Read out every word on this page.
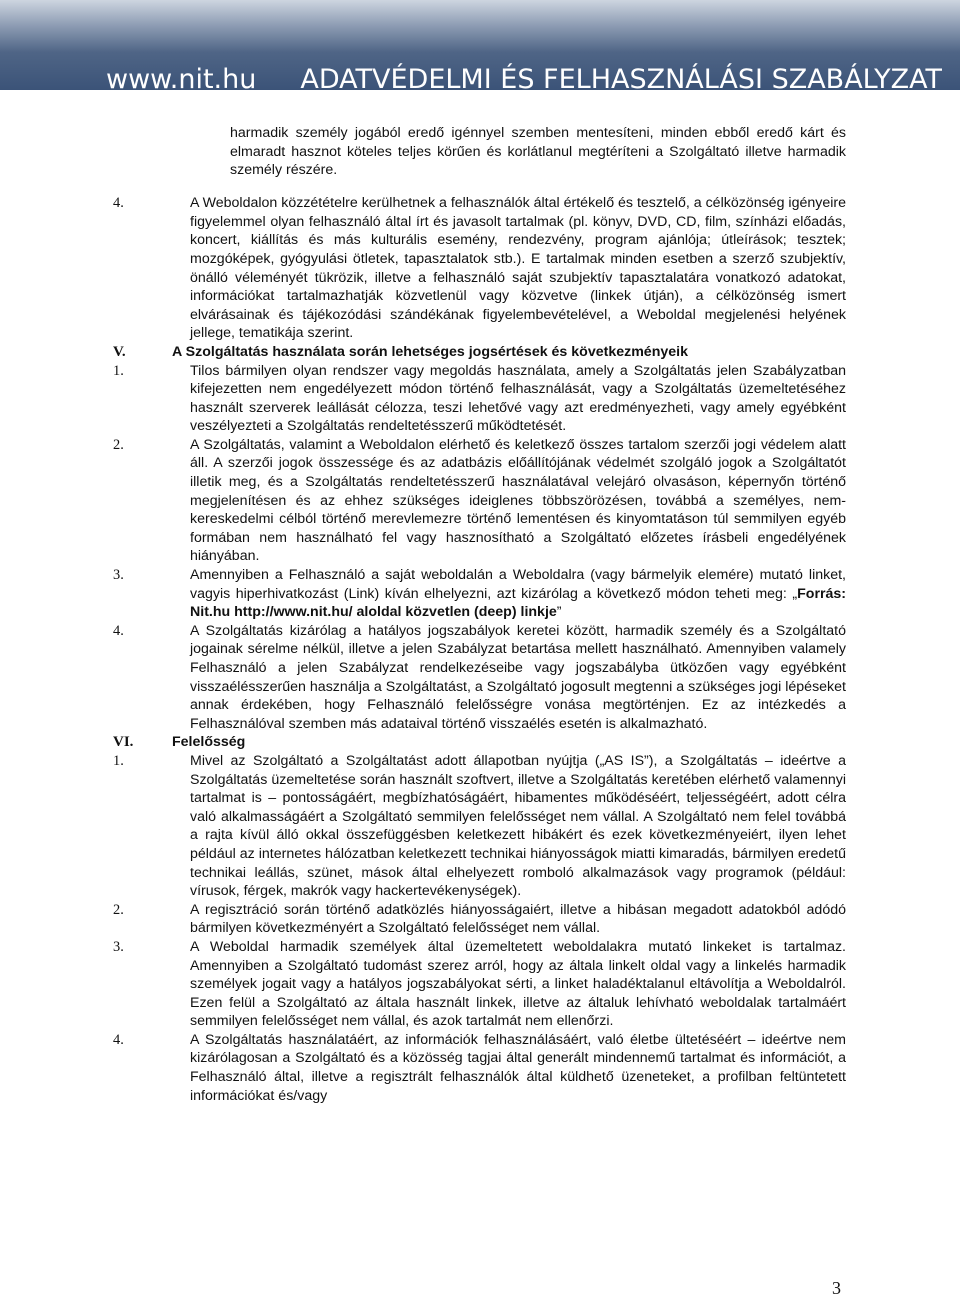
www.nit.hu ADATVÉDELMI ÉS FELHASZNÁLÁSI SZABÁLYZAT

harmadik személy jogából eredő igénnyel szemben mentesíteni, minden ebből eredő kárt és elmaradt hasznot köteles teljes körűen és korlátlanul megtéríteni a Szolgáltató illetve harmadik személy részére.

4.	A Weboldalon közzétételre kerülhetnek a felhasználók által értékelő és tesztelő, a célközönség igényeire figyelemmel olyan felhasználó által írt és javasolt tartalmak (pl. könyv, DVD, CD, film, színházi előadás, koncert, kiállítás és más kulturális esemény, rendezvény, program ajánlója; útleírások; tesztek; mozgóképek, gyógyulási ötletek, tapasztalatok stb.). E tartalmak minden esetben a szerző szubjektív, önálló véleményét tükrözik, illetve a felhasználó saját szubjektív tapasztalatára vonatkozó adatokat, információkat tartalmazhatják közvetlenül vagy közvetve (linkek útján), a célközönség ismert elvárásainak és tájékozódási szándékának figyelembevételével, a Weboldal megjelenési helyének jellege, tematikája szerint.
V.	A Szolgáltatás használata során lehetséges jogsértések és következményeik
1.	Tilos bármilyen olyan rendszer vagy megoldás használata, amely a Szolgáltatás jelen Szabályzatban kifejezetten nem engedélyezett módon történő felhasználását, vagy a Szolgáltatás üzemeltetéséhez használt szerverek leállását célozza, teszi lehetővé vagy azt eredményezheti, vagy amely egyébként veszélyezteti a Szolgáltatás rendeltetésszerű működtetését.
2.	A Szolgáltatás, valamint a Weboldalon elérhető és keletkező összes tartalom szerzői jogi védelem alatt áll. A szerzői jogok összessége és az adatbázis előállítójának védelmét szolgáló jogok a Szolgáltatót illetik meg, és a Szolgáltatás rendeltetésszerű használatával velejáró olvasáson, képernyőn történő megjelenítésen és az ehhez szükséges ideiglenes többszörözésen, továbbá a személyes, nem-kereskedelmi célból történő merevlemezre történő lementésen és kinyomtatáson túl semmilyen egyéb formában nem használható fel vagy hasznosítható a Szolgáltató előzetes írásbeli engedélyének hiányában.
3.	Amennyiben a Felhasználó a saját weboldalán a Weboldalra (vagy bármelyik elemére) mutató linket, vagyis hiperhivatkozást (Link) kíván elhelyezni, azt kizárólag a következő módon teheti meg: „Forrás: Nit.hu http://www.nit.hu/ aloldal közvetlen (deep) linkje”
4.	A Szolgáltatás kizárólag a hatályos jogszabályok keretei között, harmadik személy és a Szolgáltató jogainak sérelme nélkül, illetve a jelen Szabályzat betartása mellett használható. Amennyiben valamely Felhasználó a jelen Szabályzat rendelkezéseibe vagy jogszabályba ütközően vagy egyébként visszaélésszerűen használja a Szolgáltatást, a Szolgáltató jogosult megtenni a szükséges jogi lépéseket annak érdekében, hogy Felhasználó felelősségre vonása megtörténjen. Ez az intézkedés a Felhasználóval szemben más adataival történő visszaélés esetén is alkalmazható.
VI.	Felelősség
1.	Mivel az Szolgáltató a Szolgáltatást adott állapotban nyújtja („AS IS”), a Szolgáltatás – ideértve a Szolgáltatás üzemeltetése során használt szoftvert, illetve a Szolgáltatás keretében elérhető valamennyi tartalmat is – pontosságáért, megbízhatóságáért, hibamentes működéséért, teljességéért, adott célra való alkalmasságáért a Szolgáltató semmilyen felelősséget nem vállal. A Szolgáltató nem felel továbbá a rajta kívül álló okkal összefüggésben keletkezett hibákért és ezek következményeiért, ilyen lehet például az internetes hálózatban keletkezett technikai hiányosságok miatti kimaradás, bármilyen eredetű technikai leállás, szünet, mások által elhelyezett romboló alkalmazások vagy programok (például: vírusok, férgek, makrók vagy hackertevékenységek).
2.	A regisztráció során történő adatközlés hiányosságaiért, illetve a hibásan megadott adatokból adódó bármilyen következményért a Szolgáltató felelősséget nem vállal.
3.	A Weboldal harmadik személyek által üzemeltetett weboldalakra mutató linkeket is tartalmaz. Amennyiben a Szolgáltató tudomást szerez arról, hogy az általa linkelt oldal vagy a linkelés harmadik személyek jogait vagy a hatályos jogszabályokat sérti, a linket haladéktalanul eltávolítja a Weboldalról. Ezen felül a Szolgáltató az általa használt linkek, illetve az általuk lehívható weboldalak tartalmáért semmilyen felelősséget nem vállal, és azok tartalmát nem ellenőrzi.
4.	A Szolgáltatás használatáért, az információk felhasználásáért, való életbe ültetéséért – ideértve nem kizárólagosan a Szolgáltató és a közösség tagjai által generált mindennemű tartalmat és információt, a Felhasználó által, illetve a regisztrált felhasználók által küldhető üzeneteket, a profilban feltüntetett információkat és/vagy
3
